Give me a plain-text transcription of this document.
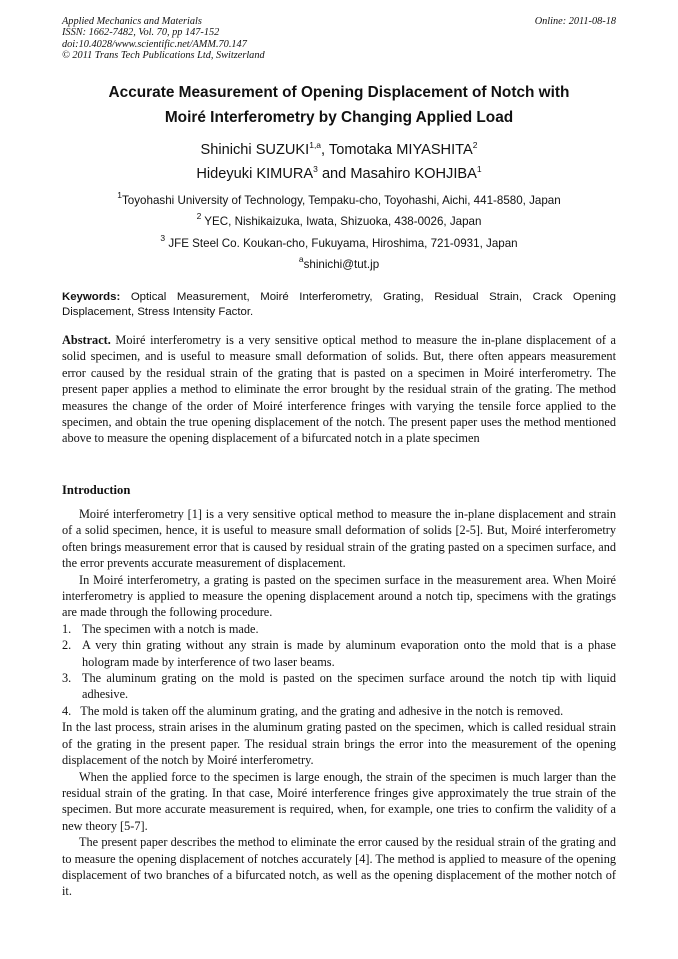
Applied Mechanics and Materials
ISSN: 1662-7482, Vol. 70, pp 147-152
doi:10.4028/www.scientific.net/AMM.70.147
© 2011 Trans Tech Publications Ltd, Switzerland
Online: 2011-08-18
Accurate Measurement of Opening Displacement of Notch with
Moiré Interferometry by Changing Applied Load
Shinichi SUZUKI$^{1,a}$, Tomotaka MIYASHITA$^2$
Hideyuki KIMURA$^3$ and Masahiro KOHJIBA$^1$
$^1$Toyohashi University of Technology, Tempaku-cho, Toyohashi, Aichi, 441-8580, Japan
$^2$ YEC, Nishikaizuka, Iwata, Shizuoka, 438-0026, Japan
$^3$ JFE Steel Co. Koukan-cho, Fukuyama, Hiroshima, 721-0931, Japan
$^a$shinichi@tut.jp
Keywords: Optical Measurement, Moiré Interferometry, Grating, Residual Strain, Crack Opening Displacement, Stress Intensity Factor.
Abstract. Moiré interferometry is a very sensitive optical method to measure the in-plane displacement of a solid specimen, and is useful to measure small deformation of solids. But, there often appears measurement error caused by the residual strain of the grating that is pasted on a specimen in Moiré interferometry. The present paper applies a method to eliminate the error brought by the residual strain of the grating. The method measures the change of the order of Moiré interference fringes with varying the tensile force applied to the specimen, and obtain the true opening displacement of the notch. The present paper uses the method mentioned above to measure the opening displacement of a bifurcated notch in a plate specimen
Introduction

Moiré interferometry [1] is a very sensitive optical method to measure the in-plane displacement and strain of a solid specimen, hence, it is useful to measure small deformation of solids [2-5]. But, Moiré interferometry often brings measurement error that is caused by residual strain of the grating pasted on a specimen surface, and the error prevents accurate measurement of displacement.

In Moiré interferometry, a grating is pasted on the specimen surface in the measurement area. When Moiré interferometry is applied to measure the opening displacement around a notch tip, specimens with the gratings are made through the following procedure.

1. The specimen with a notch is made.

2. A very thin grating without any strain is made by aluminum evaporation onto the mold that is a phase hologram made by interference of two laser beams.

3. The aluminum grating on the mold is pasted on the specimen surface around the notch tip with liquid adhesive.

4. The mold is taken off the aluminum grating, and the grating and adhesive in the notch is removed.

In the last process, strain arises in the aluminum grating pasted on the specimen, which is called residual strain of the grating in the present paper. The residual strain brings the error into the measurement of the opening displacement of the notch by Moiré interferometry.

When the applied force to the specimen is large enough, the strain of the specimen is much larger than the residual strain of the grating. In that case, Moiré interference fringes give approximately the true strain of the specimen. But more accurate measurement is required, when, for example, one tries to confirm the validity of a new theory [5-7].

The present paper describes the method to eliminate the error caused by the residual strain of the grating and to measure the opening displacement of notches accurately [4]. The method is applied to measure of the opening displacement of two branches of a bifurcated notch, as well as the opening displacement of the mother notch of it.
